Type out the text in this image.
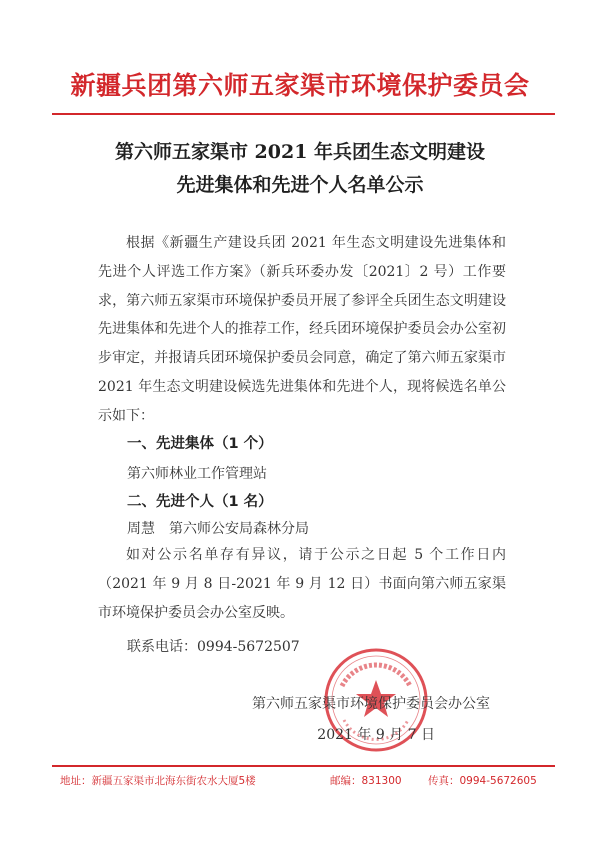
新疆兵团第六师五家渠市环境保护委员会
第六师五家渠市 2021 年兵团生态文明建设
先进集体和先进个人名单公示
根据《新疆生产建设兵团 2021 年生态文明建设先进集体和先进个人评选工作方案》（新兵环委办发〔2021〕2 号）工作要求，第六师五家渠市环境保护委员开展了参评全兵团生态文明建设先进集体和先进个人的推荐工作，经兵团环境保护委员会办公室初步审定，并报请兵团环境保护委员会同意，确定了第六师五家渠市 2021 年生态文明建设候选先进集体和先进个人，现将候选名单公示如下：
一、先进集体（1 个）
第六师林业工作管理站
二、先进个人（1 名）
周慧　第六师公安局森林分局
如对公示名单存有异议，请于公示之日起 5 个工作日内（2021 年 9 月 8 日-2021 年 9 月 12 日）书面向第六师五家渠市环境保护委员会办公室反映。
联系电话：0994-5672507
第六师五家渠市环境保护委员会办公室
2021 年 9 月 7 日
地址：新疆五家渠市北海东街农水大厦5楼	邮编：831300	传真：0994-5672605
